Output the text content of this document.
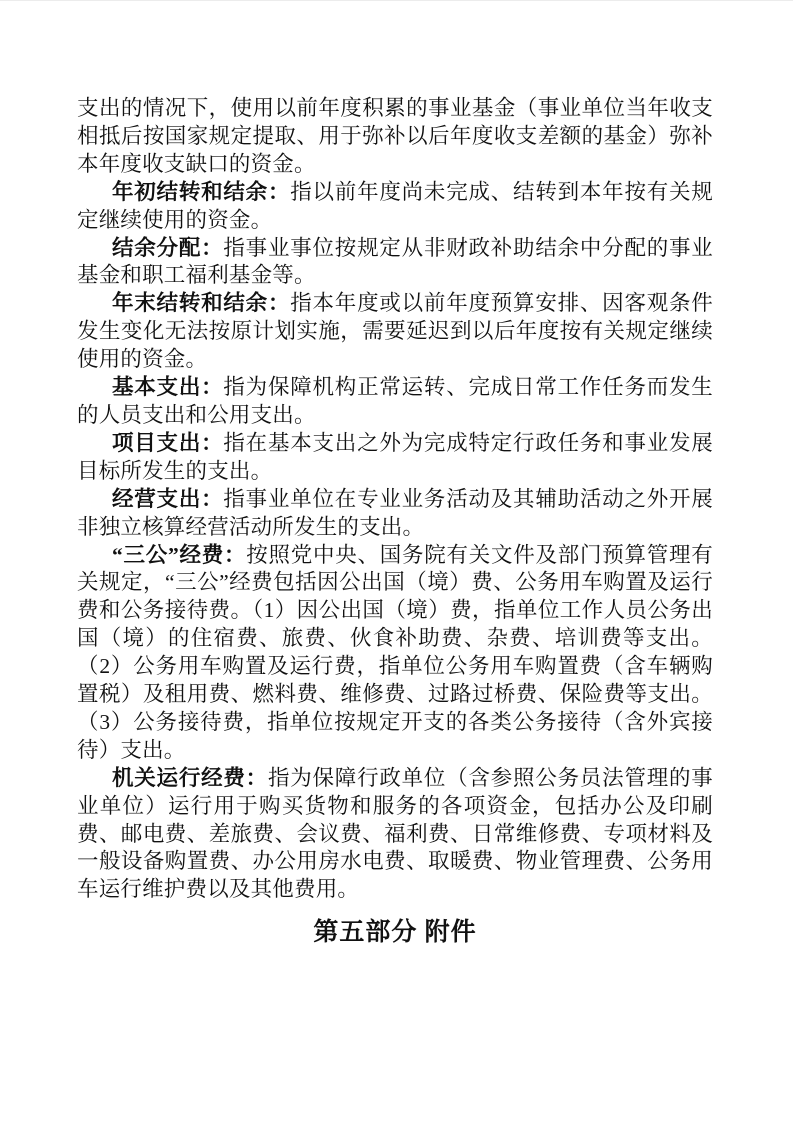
支出的情况下，使用以前年度积累的事业基金（事业单位当年收支相抵后按国家规定提取、用于弥补以后年度收支差额的基金）弥补本年度收支缺口的资金。

年初结转和结余：指以前年度尚未完成、结转到本年按有关规定继续使用的资金。

结余分配：指事业事位按规定从非财政补助结余中分配的事业基金和职工福利基金等。

年末结转和结余：指本年度或以前年度预算安排、因客观条件发生变化无法按原计划实施，需要延迟到以后年度按有关规定继续使用的资金。

基本支出：指为保障机构正常运转、完成日常工作任务而发生的人员支出和公用支出。

项目支出：指在基本支出之外为完成特定行政任务和事业发展目标所发生的支出。

经营支出：指事业单位在专业业务活动及其辅助活动之外开展非独立核算经营活动所发生的支出。

“三公”经费：按照党中央、国务院有关文件及部门预算管理有关规定，“三公”经费包括因公出国（境）费、公务用车购置及运行费和公务接待费。（1）因公出国（境）费，指单位工作人员公务出国（境）的住宿费、旅费、伙食补助费、杂费、培训费等支出。（2）公务用车购置及运行费，指单位公务用车购置费（含车辆购置税）及租用费、燃料费、维修费、过路过桥费、保险费等支出。（3）公务接待费，指单位按规定开支的各类公务接待（含外宾接待）支出。

机关运行经费：指为保障行政单位（含参照公务员法管理的事业单位）运行用于购买货物和服务的各项资金，包括办公及印刷费、邮电费、差旅费、会议费、福利费、日常维修费、专项材料及一般设备购置费、办公用房水电费、取暖费、物业管理费、公务用车运行维护费以及其他费用。

第五部分 附件
